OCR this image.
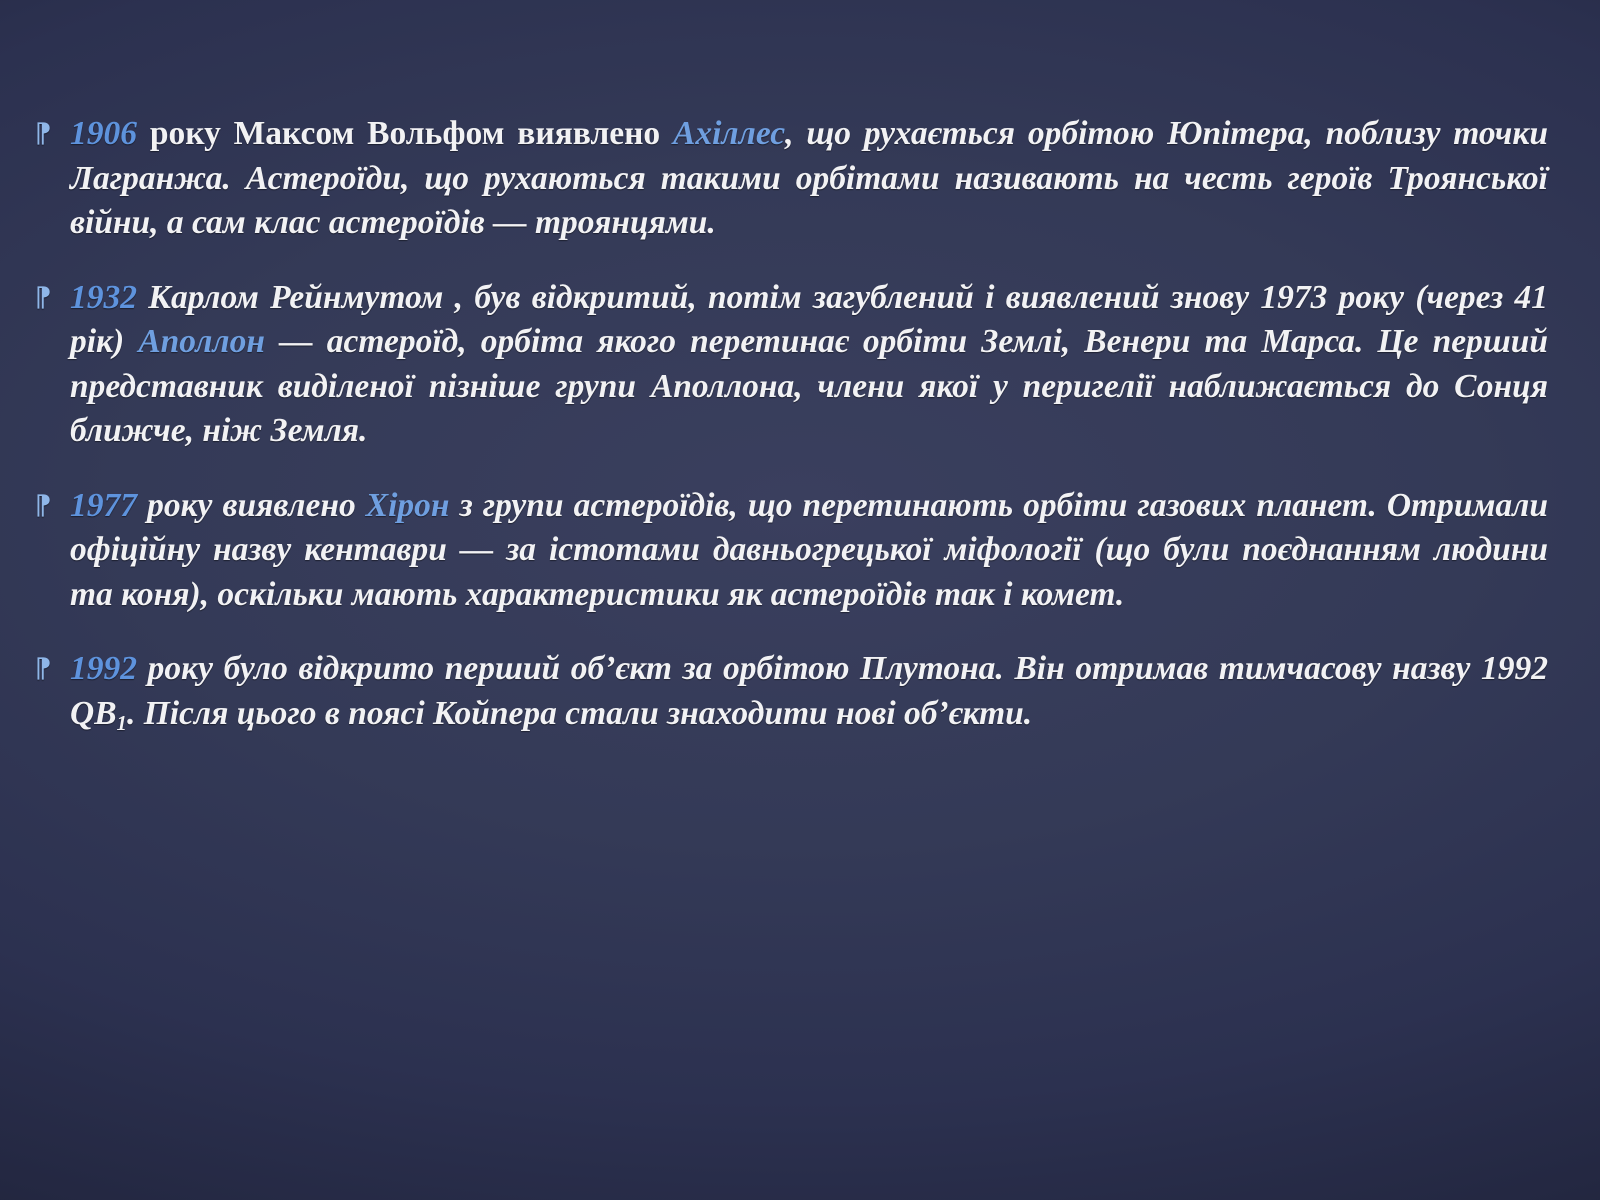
⁋ 1906 року Максом Вольфом виявлено Ахіллес, що рухається орбітою Юпітера, поблизу точки Лагранжа. Астероїди, що рухаються такими орбітами називають на честь героїв Троянської війни, а сам клас астероїдів — троянцями.
⁋ 1932 Карлом Рейнмутом , був відкритий, потім загублений і виявлений знову 1973 року (через 41 рік) Аполлон — астероїд, орбіта якого перетинає орбіти Землі, Венери та Марса. Це перший представник виділеної пізніше групи Аполлона, члени якої у перигелії наближається до Сонця ближче, ніж Земля.
⁋ 1977 року виявлено Хірон з групи астероїдів, що перетинають орбіти газових планет. Отримали офіційну назву кентаври — за істотами давньогрецької міфології (що були поєднанням людини та коня), оскільки мають характеристики як астероїдів так і комет.
⁋ 1992 року було відкрито перший об’єкт за орбітою Плутона. Він отримав тимчасову назву 1992 $QB_1$. Після цього в поясі Койпера стали знаходити нові об’єкти.
